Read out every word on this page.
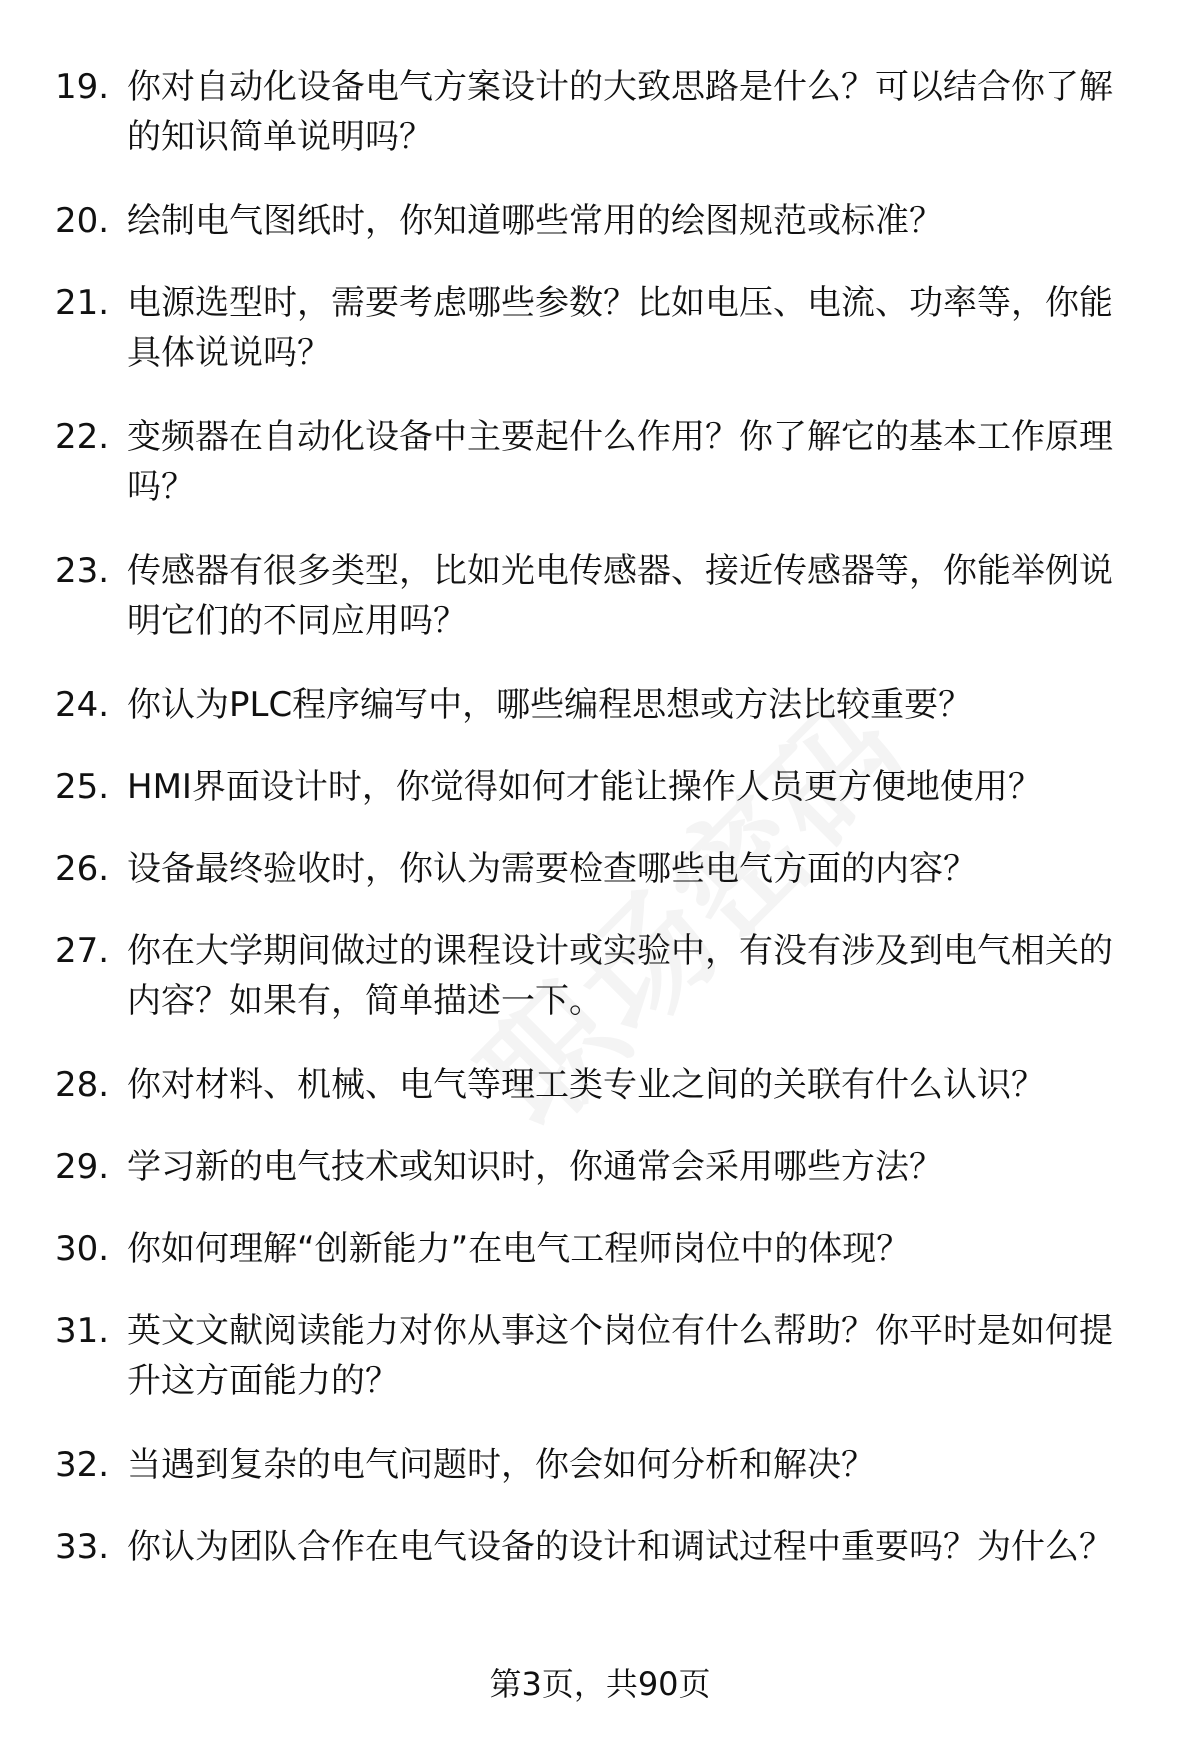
19. 你对自动化设备电气方案设计的大致思路是什么？可以结合你了解的知识简单说明吗？
20. 绘制电气图纸时，你知道哪些常用的绘图规范或标准？
21. 电源选型时，需要考虑哪些参数？比如电压、电流、功率等，你能具体说说吗？
22. 变频器在自动化设备中主要起什么作用？你了解它的基本工作原理吗？
23. 传感器有很多类型，比如光电传感器、接近传感器等，你能举例说明它们的不同应用吗？
24. 你认为PLC程序编写中，哪些编程思想或方法比较重要？
25. HMI界面设计时，你觉得如何才能让操作人员更方便地使用？
26. 设备最终验收时，你认为需要检查哪些电气方面的内容？
27. 你在大学期间做过的课程设计或实验中，有没有涉及到电气相关的内容？如果有，简单描述一下。
28. 你对材料、机械、电气等理工类专业之间的关联有什么认识？
29. 学习新的电气技术或知识时，你通常会采用哪些方法？
30. 你如何理解“创新能力”在电气工程师岗位中的体现？
31. 英文文献阅读能力对你从事这个岗位有什么帮助？你平时是如何提升这方面能力的？
32. 当遇到复杂的电气问题时，你会如何分析和解决？
33. 你认为团队合作在电气设备的设计和调试过程中重要吗？为什么？
第3页，共90页
